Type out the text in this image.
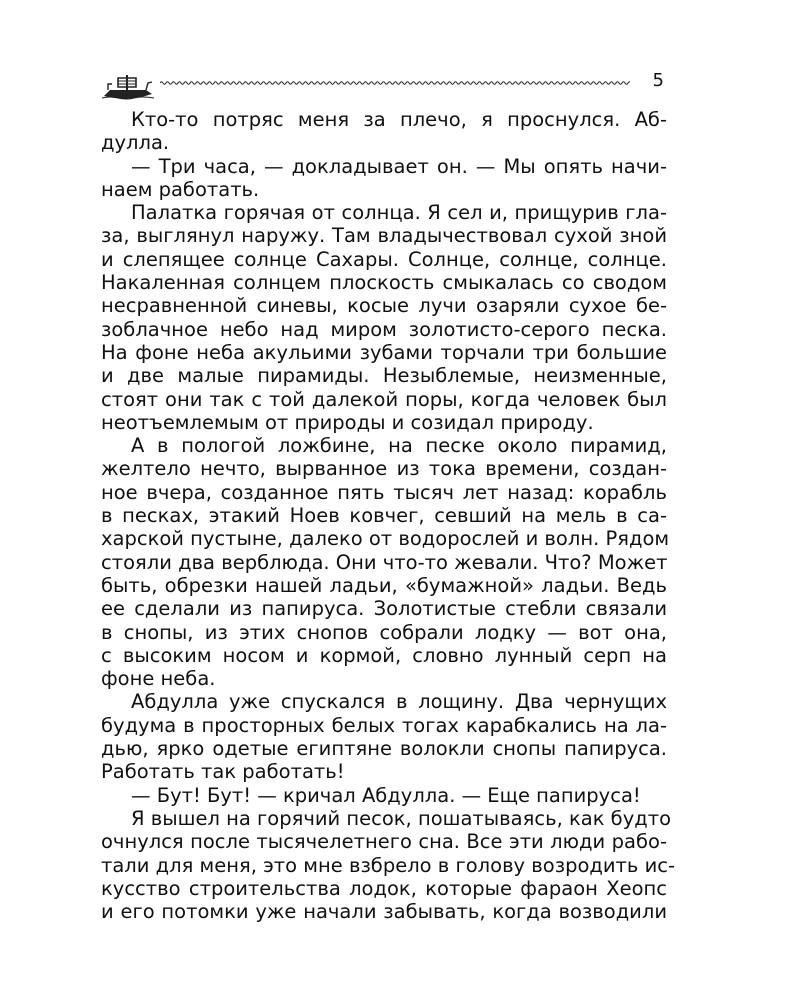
5
Кто-то потряс меня за плечо, я проснулся. Аб-
дулла.
— Три часа, — докладывает он. — Мы опять начи-
наем работать.
Палатка горячая от солнца. Я сел и, прищурив гла-
за, выглянул наружу. Там владычествовал сухой зной
и слепящее солнце Сахары. Солнце, солнце, солнце.
Накаленная солнцем плоскость смыкалась со сводом
несравненной синевы, косые лучи озаряли сухое бе-
зоблачное небо над миром золотисто-серого песка.
На фоне неба акульими зубами торчали три большие
и две малые пирамиды. Незыблемые, неизменные,
стоят они так с той далекой поры, когда человек был
неотъемлемым от природы и созидал природу.
А в пологой ложбине, на песке около пирамид,
желтело нечто, вырванное из тока времени, создан-
ное вчера, созданное пять тысяч лет назад: корабль
в песках, этакий Ноев ковчег, севший на мель в са-
харской пустыне, далеко от водорослей и волн. Рядом
стояли два верблюда. Они что-то жевали. Что? Может
быть, обрезки нашей ладьи, «бумажной» ладьи. Ведь
ее сделали из папируса. Золотистые стебли связали
в снопы, из этих снопов собрали лодку — вот она,
с высоким носом и кормой, словно лунный серп на
фоне неба.
Абдулла уже спускался в лощину. Два чернущих
будума в просторных белых тогах карабкались на ла-
дью, ярко одетые египтяне волокли снопы папируса.
Работать так работать!
— Бут! Бут! — кричал Абдулла. — Еще папируса!
Я вышел на горячий песок, пошатываясь, как будто
очнулся после тысячелетнего сна. Все эти люди рабо-
тали для меня, это мне взбрело в голову возродить ис-
кусство строительства лодок, которые фараон Хеопс
и его потомки уже начали забывать, когда возводили
